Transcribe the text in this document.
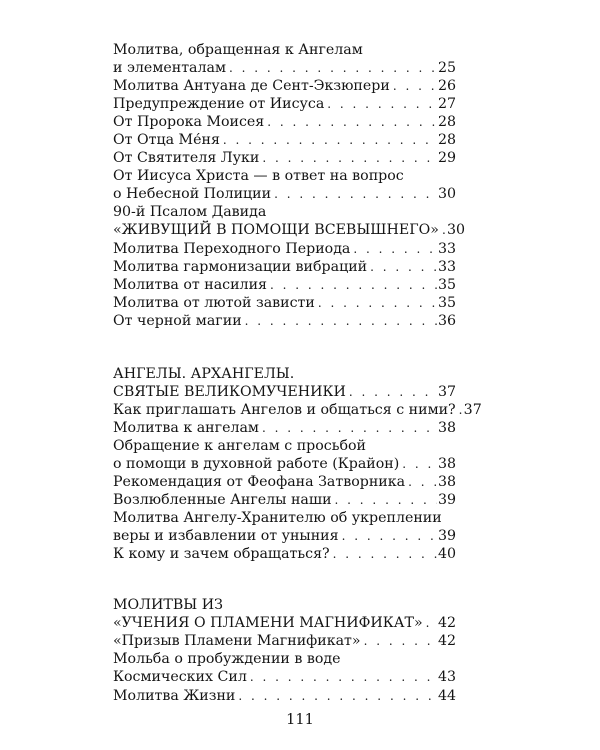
Молитва, обращенная к Ангелам
и элементалам . . .	25
Молитва Антуана де Сент-Экзюпери . . .	26
Предупреждение от Иисуса . . .	27
От Пророка Моисея . . .	28
От Отца Ме́ня . . .	28
От Святителя Луки . . .	29
От Иисуса Христа — в ответ на вопрос
о Небесной Полиции . . .	30
90-й Псалом Давида
«ЖИВУЩИЙ В ПОМОЩИ ВСЕВЫШНЕГО» . . . 30
Молитва Переходного Периода . . .	33
Молитва гармонизации вибраций . . .	33
Молитва от насилия . . .	35
Молитва от лютой зависти . . .	35
От черной магии . . .	36
АНГЕЛЫ. АРХАНГЕЛЫ.
СВЯТЫЕ ВЕЛИКОМУЧЕНИКИ . . .	37
Как приглашать Ангелов и общаться с ними? . . . 37
Молитва к ангелам . . .	38
Обращение к ангелам с просьбой
о помощи в духовной работе (Крайон) . . .	38
Рекомендация от Феофана Затворника . . . 38
Возлюбленные Ангелы наши . . .	39
Молитва Ангелу-Хранителю об укреплении
веры и избавлении от уныния . . .	39
К кому и зачем обращаться? . . .	40
МОЛИТВЫ ИЗ
«УЧЕНИЯ О ПЛАМЕНИ МАГНИФИКАТ» . . . 42
«Призыв Пламени Магнификат» . . .	42
Мольба о пробуждении в воде
Космических Сил . . .	43
Молитва Жизни . . .	44
111
